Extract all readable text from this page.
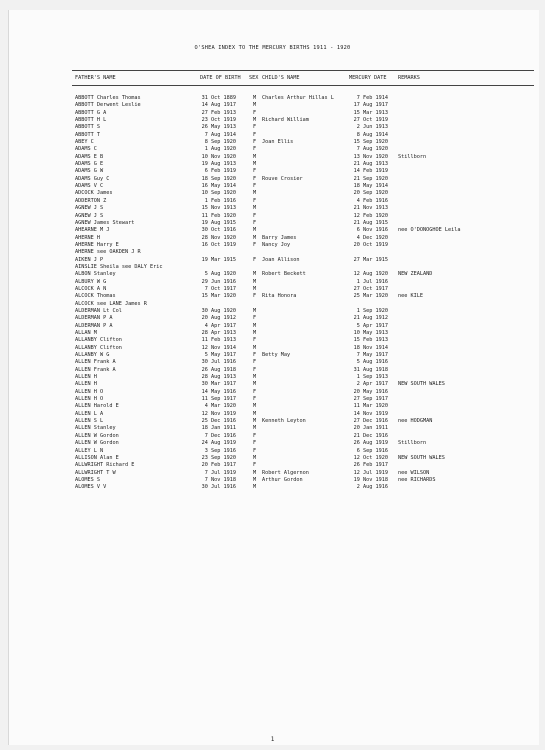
O'SHEA INDEX TO THE MERCURY BIRTHS 1911 - 1920
FATHER'S NAME	DATE OF BIRTH SEX CHILD'S NAME	MERCURY DATE REMARKS
ABBOTT Charles Thomas	31 Oct 1889	M Charles Arthur Hillas L	7 Feb 1914
ABBOTT Derwent Leslie	14 Aug 1917	M	17 Aug 1917
ABBOTT G A	27 Feb 1913	F	15 Mar 1913
ABBOTT H L	23 Oct 1919	M Richard William	27 Oct 1919
ABBOTT S	26 May 1913	F	2 Jun 1913
ABBOTT T	7 Aug 1914	F	8 Aug 1914
ABEY C	8 Sep 1920	F Joan Ellis	15 Sep 1920
ADAMS C	1 Aug 1920	F	7 Aug 1920
ADAMS E B	10 Nov 1920	M	13 Nov 1920 Stillborn
ADAMS G E	19 Aug 1913	M	21 Aug 1913
ADAMS G W	6 Feb 1919	F	14 Feb 1919
ADAMS Guy C	18 Sep 1920	F Rouve Crosier	21 Sep 1920
ADAMS V C	16 May 1914	F	18 May 1914
ADCOCK James	10 Sep 1920	M	20 Sep 1920
ADDERTON Z	1 Feb 1916	F	4 Feb 1916
AGNEW J S	15 Nov 1913	M	21 Nov 1913
AGNEW J S	11 Feb 1920	F	12 Feb 1920
AGNEW James Stewart	19 Aug 1915	F	21 Aug 1915
AHEARNE M J	30 Oct 1916	M	6 Nov 1916 nee O'DONOGHOE Leila
AHERNE H	28 Nov 1920	M Barry James	4 Dec 1920
AHERNE Harry E	16 Oct 1919	F Nancy Joy	20 Oct 1919
AHERNE see OAKDEN J R
AIKEN J P	19 Mar 1915	F Joan Allison	27 Mar 1915
AINSLIE Sheila see DALY Eric
ALBON Stanley	5 Aug 1920	M Robert Beckett	12 Aug 1920 NEW ZEALAND
ALBURY W G	29 Jun 1916	M	1 Jul 1916
ALCOCK A N	7 Oct 1917	M	27 Oct 1917
ALCOCK Thomas	15 Mar 1920	F Rita Honora	25 Mar 1920 nee KILE
ALCOCK see LANE James R
ALDERMAN Lt Col	30 Aug 1920	M	1 Sep 1920
ALDERMAN P A	20 Aug 1912	F	21 Aug 1912
ALDERMAN P A	4 Apr 1917	M	5 Apr 1917
ALLAN M	28 Apr 1913	M	10 May 1913
ALLANBY Clifton	11 Feb 1913	F	15 Feb 1913
ALLANBY Clifton	12 Nov 1914	M	18 Nov 1914
ALLANBY W G	5 May 1917	F Betty May	7 May 1917
ALLEN Frank A	30 Jul 1916	F	5 Aug 1916
ALLEN Frank A	26 Aug 1918	F	31 Aug 1918
ALLEN H	28 Aug 1913	M	1 Sep 1913
ALLEN H	30 Mar 1917	M	2 Apr 1917 NEW SOUTH WALES
ALLEN H O	14 May 1916	F	20 May 1916
ALLEN H O	11 Sep 1917	F	27 Sep 1917
ALLEN Harold E	4 Mar 1920	M	11 Mar 1920
ALLEN L A	12 Nov 1919	M	14 Nov 1919
ALLEN S L	25 Dec 1916	M Kenneth Leyton	27 Dec 1916 nee HODGMAN
ALLEN Stanley	18 Jan 1911	M	20 Jan 1911
ALLEN W Gordon	7 Dec 1916	F	21 Dec 1916
ALLEN W Gordon	24 Aug 1919	F	26 Aug 1919 Stillborn
ALLEY L N	3 Sep 1916	F	6 Sep 1916
ALLISON Alan E	23 Sep 1920	M	12 Oct 1920 NEW SOUTH WALES
ALLWRIGHT Richard E	20 Feb 1917	F	26 Feb 1917
ALLWRIGHT T W	7 Jul 1919	M Robert Algernon	12 Jul 1919 nee WILSON
ALOMES S	7 Nov 1918	M Arthur Gordon	19 Nov 1918 nee RICHARDS
ALOMES V V	30 Jul 1916	M	2 Aug 1916
1
